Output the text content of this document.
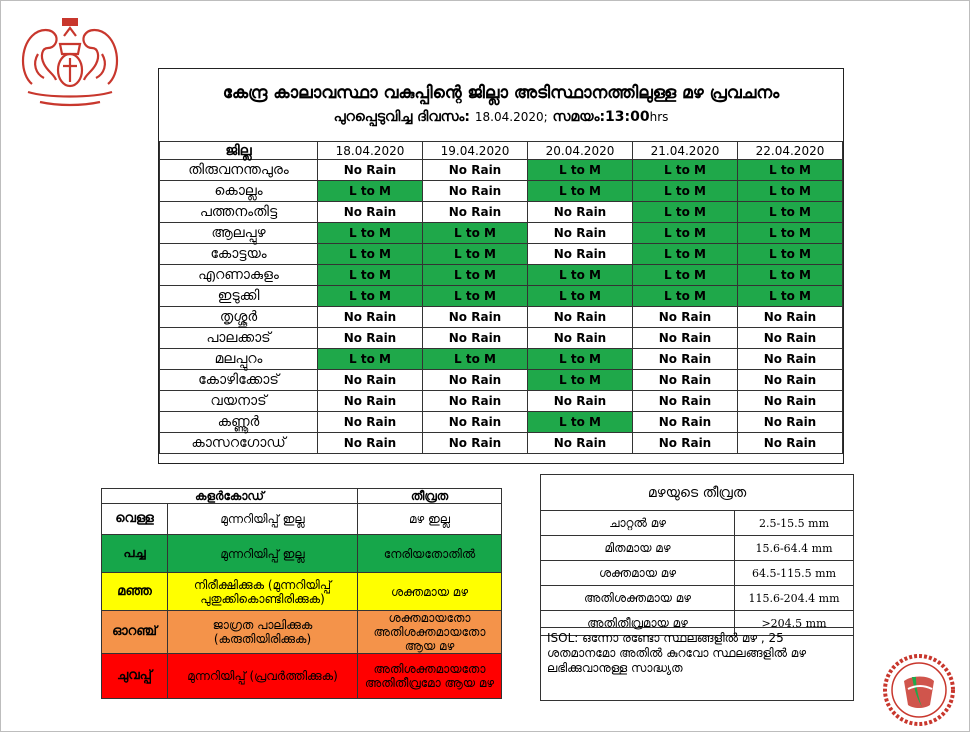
കേന്ദ്ര കാലാവസ്ഥാ വകുപ്പിന്റെ ജില്ലാ അടിസ്ഥാനത്തിലുള്ള മഴ പ്രവചനം
പുറപ്പെടുവിച്ച ദിവസം: 18.04.2020; സമയം:13:00hrs
ജില്ല	18.04.2020	19.04.2020	20.04.2020	21.04.2020	22.04.2020
തിരുവനന്തപുരം	No Rain	No Rain	L to M	L to M	L to M
കൊല്ലം	L to M	No Rain	L to M	L to M	L to M
പത്തനംതിട്ട	No Rain	No Rain	No Rain	L to M	L to M
ആലപ്പുഴ	L to M	L to M	No Rain	L to M	L to M
കോട്ടയം	L to M	L to M	No Rain	L to M	L to M
എറണാകുളം	L to M	L to M	L to M	L to M	L to M
ഇടുക്കി	L to M	L to M	L to M	L to M	L to M
തൃശ്ശൂർ	No Rain	No Rain	No Rain	No Rain	No Rain
പാലക്കാട്	No Rain	No Rain	No Rain	No Rain	No Rain
മലപ്പുറം	L to M	L to M	L to M	No Rain	No Rain
കോഴിക്കോട്	No Rain	No Rain	L to M	No Rain	No Rain
വയനാട്	No Rain	No Rain	No Rain	No Rain	No Rain
കണ്ണൂർ	No Rain	No Rain	L to M	No Rain	No Rain
കാസറഗോഡ്	No Rain	No Rain	No Rain	No Rain	No Rain
കളർകോഡ്		തീവ്രത
വെള്ള	മുന്നറിയിപ്പ് ഇല്ല	മഴ ഇല്ല
പച്ച	മുന്നറിയിപ്പ് ഇല്ല	നേരിയതോതിൽ
മഞ്ഞ	നിരീക്ഷിക്കുക (മുന്നറിയിപ്പ് പുതുക്കികൊണ്ടിരിക്കുക)	ശക്തമായ മഴ
ഓറഞ്ച്	ജാഗ്രത പാലിക്കുക (കരുതിയിരിക്കുക)	ശക്തമായതോ അതിശക്തമായതോ ആയ മഴ
ചുവപ്പ്	മുന്നറിയിപ്പ് (പ്രവർത്തിക്കുക)	അതിശക്തമായതോ അതിതീവ്രമോ ആയ മഴ
മഴയുടെ തീവ്രത	
ചാറ്റൽ മഴ	2.5-15.5 mm
മിതമായ മഴ	15.6-64.4 mm
ശക്തമായ മഴ	64.5-115.5 mm
അതിശക്തമായ മഴ	115.6-204.4 mm
അതിതീവ്രമായ മഴ	>204.5 mm
ISOL: ഒന്നോ രണ്ടോ സ്ഥലങ്ങളിൽ മഴ , 25 ശതമാനമോ അതിൽ കുറവോ സ്ഥലങ്ങളിൽ മഴ ലഭിക്കുവാനുള്ള സാദ്ധ്യത
